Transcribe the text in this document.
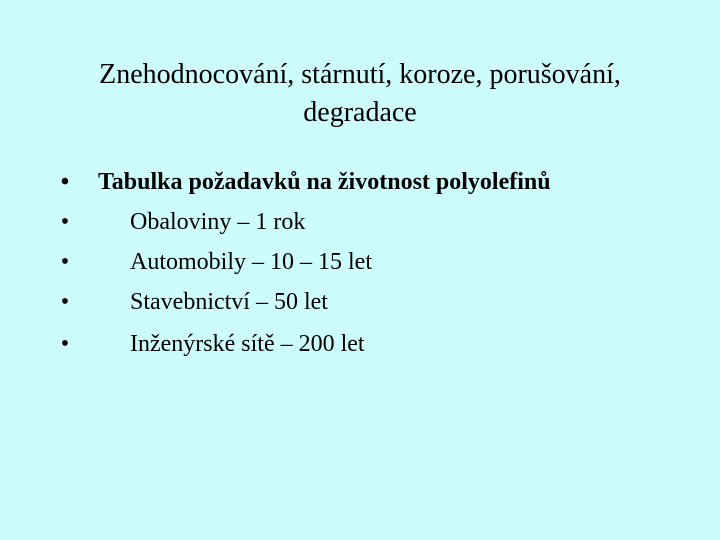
Znehodnocování, stárnutí, koroze, porušování,
degradace
• Tabulka požadavků na životnost polyolefinů
•	Obaloviny – 1 rok
•	Automobily – 10 – 15 let
•	Stavebnictví – 50 let
•	Inženýrské sítě – 200 let
